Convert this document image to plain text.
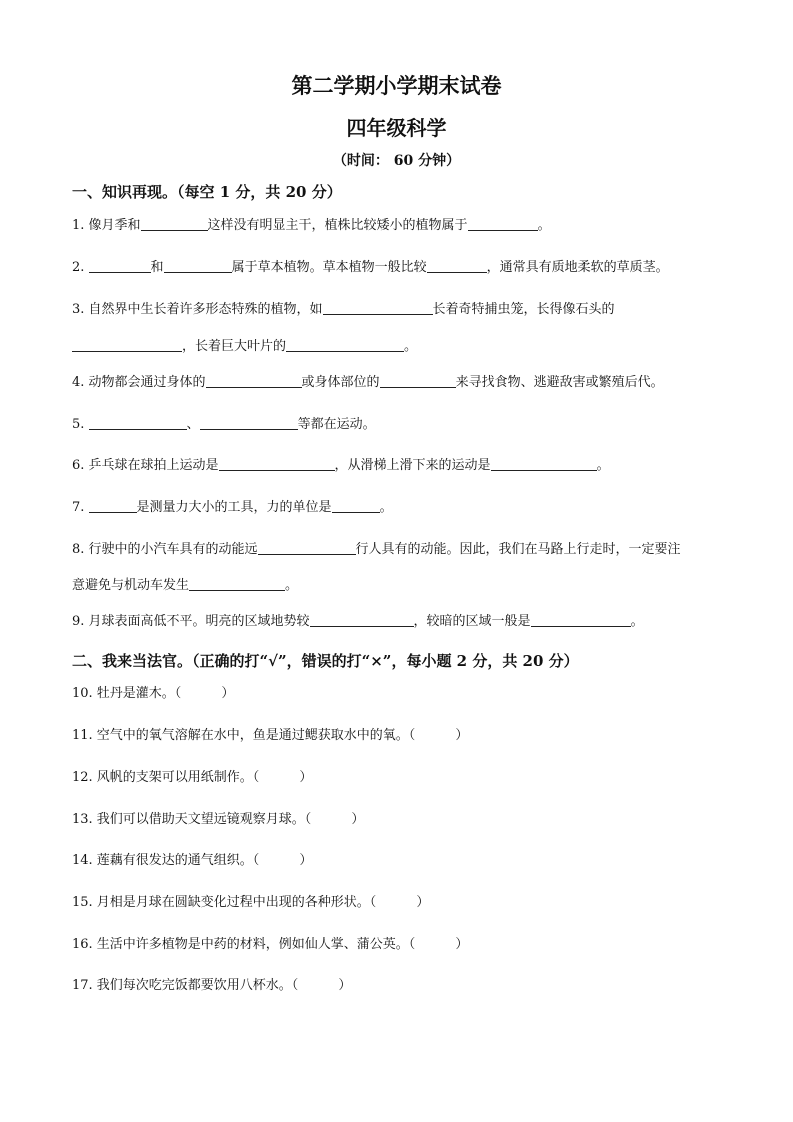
第二学期小学期末试卷
四年级科学
（时间： 60 分钟）
一、知识再现。（每空 1 分，共 20 分）
1. 像月季和	这样没有明显主干，植株比较矮小的植物属于	。
2.	和	属于草本植物。草本植物一般比较	，通常具有质地柔软的草质茎。
3. 自然界中生长着许多形态特殊的植物，如	长着奇特捕虫笼，长得像石头的
，长着巨大叶片的	。
4. 动物都会通过身体的	或身体部位的	来寻找食物、逃避敌害或繁殖后代。
5.	、	等都在运动。
6. 乒乓球在球拍上运动是	，从滑梯上滑下来的运动是	。
7.	是测量力大小的工具，力的单位是	。
8. 行驶中的小汽车具有的动能远	行人具有的动能。因此，我们在马路上行走时，一定要注
意避免与机动车发生	。
9. 月球表面高低不平。明亮的区域地势较	，较暗的区域一般是	。
二、我来当法官。（正确的打“√”，错误的打“×”，每小题 2 分，共 20 分）
10. 牡丹是灌木。（	）
11. 空气中的氧气溶解在水中，鱼是通过鳃获取水中的氧。（	）
12. 风帆的支架可以用纸制作。（	）
13. 我们可以借助天文望远镜观察月球。（	）
14. 莲藕有很发达的通气组织。（	）
15. 月相是月球在圆缺变化过程中出现的各种形状。（	）
16. 生活中许多植物是中药的材料，例如仙人掌、蒲公英。（	）
17. 我们每次吃完饭都要饮用八杯水。（	）
